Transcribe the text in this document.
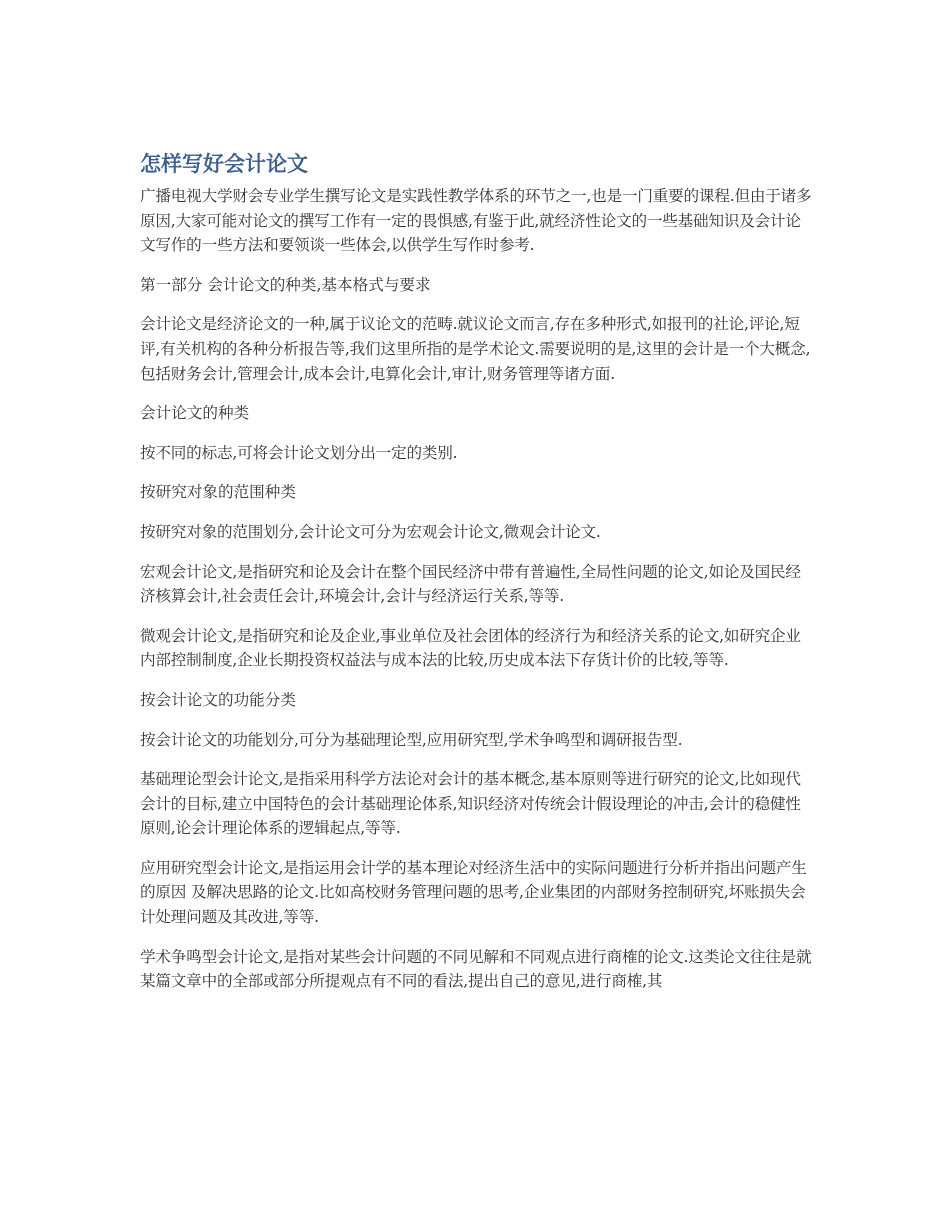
怎样写好会计论文

广播电视大学财会专业学生撰写论文是实践性教学体系的环节之一,也是一门重要的课程.但由于诸多原因,大家可能对论文的撰写工作有一定的畏惧感,有鉴于此,就经济性论文的一些基础知识及会计论文写作的一些方法和要领谈一些体会,以供学生写作时参考.

第一部分 会计论文的种类,基本格式与要求

会计论文是经济论文的一种,属于议论文的范畴.就议论文而言,存在多种形式,如报刊的社论,评论,短评,有关机构的各种分析报告等,我们这里所指的是学术论文.需要说明的是,这里的会计是一个大概念,包括财务会计,管理会计,成本会计,电算化会计,审计,财务管理等诸方面.

会计论文的种类

按不同的标志,可将会计论文划分出一定的类别.

按研究对象的范围种类

按研究对象的范围划分,会计论文可分为宏观会计论文,微观会计论文.

宏观会计论文,是指研究和论及会计在整个国民经济中带有普遍性,全局性问题的论文,如论及国民经济核算会计,社会责任会计,环境会计,会计与经济运行关系,等等.

微观会计论文,是指研究和论及企业,事业单位及社会团体的经济行为和经济关系的论文,如研究企业内部控制制度,企业长期投资权益法与成本法的比较,历史成本法下存货计价的比较,等等.

按会计论文的功能分类

按会计论文的功能划分,可分为基础理论型,应用研究型,学术争鸣型和调研报告型.

基础理论型会计论文,是指采用科学方法论对会计的基本概念,基本原则等进行研究的论文,比如现代会计的目标,建立中国特色的会计基础理论体系,知识经济对传统会计假设理论的冲击,会计的稳健性原则,论会计理论体系的逻辑起点,等等.

应用研究型会计论文,是指运用会计学的基本理论对经济生活中的实际问题进行分析并指出问题产生的原因 及解决思路的论文.比如高校财务管理问题的思考,企业集团的内部财务控制研究,坏账损失会计处理问题及其改进,等等.

学术争鸣型会计论文,是指对某些会计问题的不同见解和不同观点进行商榷的论文.这类论文往往是就某篇文章中的全部或部分所提观点有不同的看法,提出自己的意见,进行商榷,其
